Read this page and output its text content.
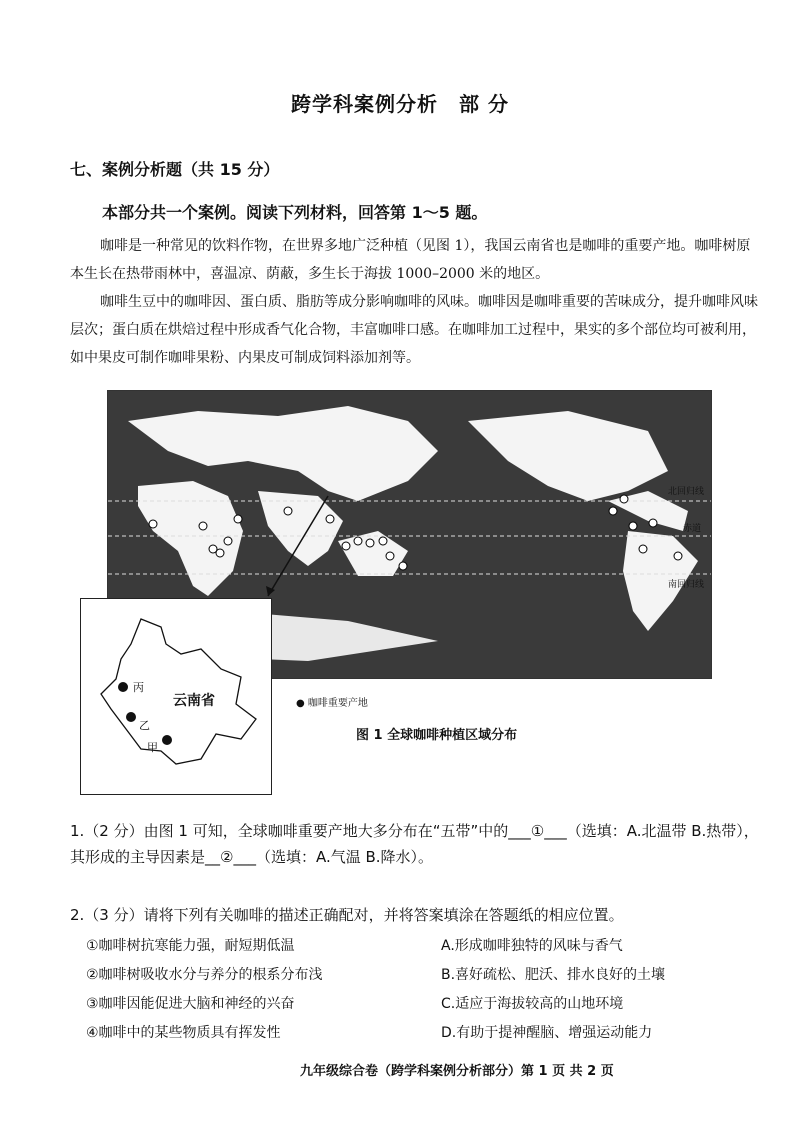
跨学科案例分析　部 分
七、案例分析题（共 15 分）
本部分共一个案例。阅读下列材料，回答第 1～5 题。
咖啡是一种常见的饮料作物，在世界多地广泛种植（见图 1），我国云南省也是咖啡的重要产地。咖啡树原本生长在热带雨林中，喜温凉、荫蔽，多生长于海拔 1000–2000 米的地区。
咖啡生豆中的咖啡因、蛋白质、脂肪等成分影响咖啡的风味。咖啡因是咖啡重要的苦味成分，提升咖啡风味层次；蛋白质在烘焙过程中形成香气化合物，丰富咖啡口感。在咖啡加工过程中，果实的多个部位均可被利用，如中果皮可制作咖啡果粉、内果皮可制成饲料添加剂等。
北回归线
赤道
南回归线
丙
乙
甲
云南省	● 咖啡重要产地
图 1 全球咖啡种植区域分布
1.（2 分）由图 1 可知，全球咖啡重要产地大多分布在“五带”中的___①___（选填：A.北温带 B.热带），
其形成的主导因素是__②___（选填：A.气温 B.降水）。
2.（3 分）请将下列有关咖啡的描述正确配对，并将答案填涂在答题纸的相应位置。
①咖啡树抗寒能力强，耐短期低温
②咖啡树吸收水分与养分的根系分布浅
③咖啡因能促进大脑和神经的兴奋
④咖啡中的某些物质具有挥发性
A.形成咖啡独特的风味与香气
B.喜好疏松、肥沃、排水良好的土壤
C.适应于海拔较高的山地环境
D.有助于提神醒脑、增强运动能力
九年级综合卷（跨学科案例分析部分）第 1 页 共 2 页
